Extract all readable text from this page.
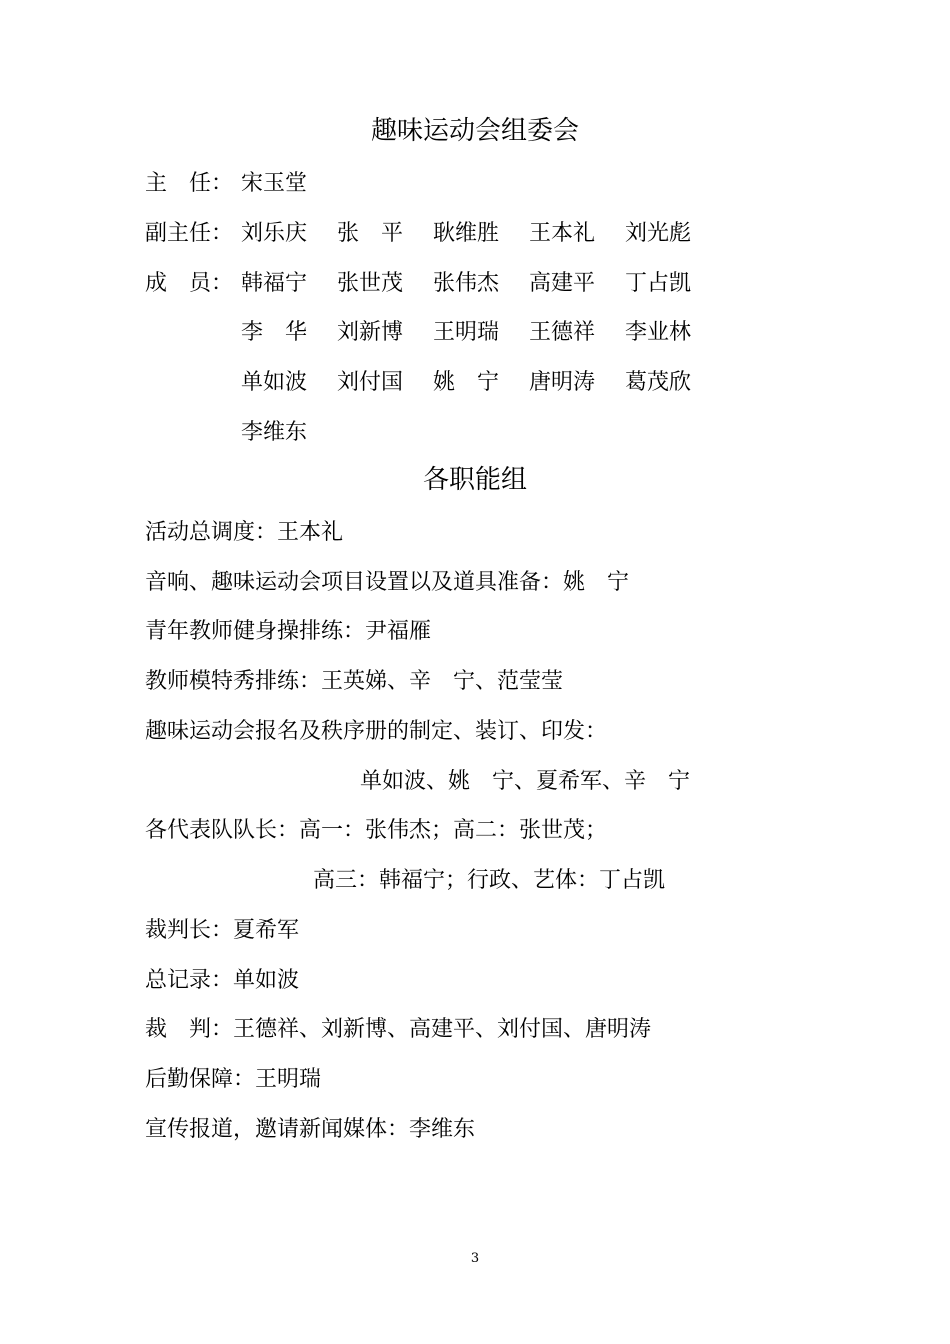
趣味运动会组委会
主　任： 宋玉堂
副主任： 刘乐庆 张　平 耿维胜 王本礼 刘光彪
成　员： 韩福宁 张世茂 张伟杰 高建平 丁占凯
李　华 刘新博 王明瑞 王德祥 李业林
单如波 刘付国 姚　宁 唐明涛 葛茂欣
李维东
各职能组
活动总调度：王本礼
音响、趣味运动会项目设置以及道具准备：姚　宁
青年教师健身操排练：尹福雁
教师模特秀排练：王英娣、辛　宁、范莹莹
趣味运动会报名及秩序册的制定、装订、印发：
单如波、姚　宁、夏希军、辛　宁
各代表队队长：高一：张伟杰；高二：张世茂；
高三：韩福宁；行政、艺体：丁占凯
裁判长：夏希军
总记录：单如波
裁　判：王德祥、刘新博、高建平、刘付国、唐明涛
后勤保障：王明瑞
宣传报道，邀请新闻媒体：李维东
3
